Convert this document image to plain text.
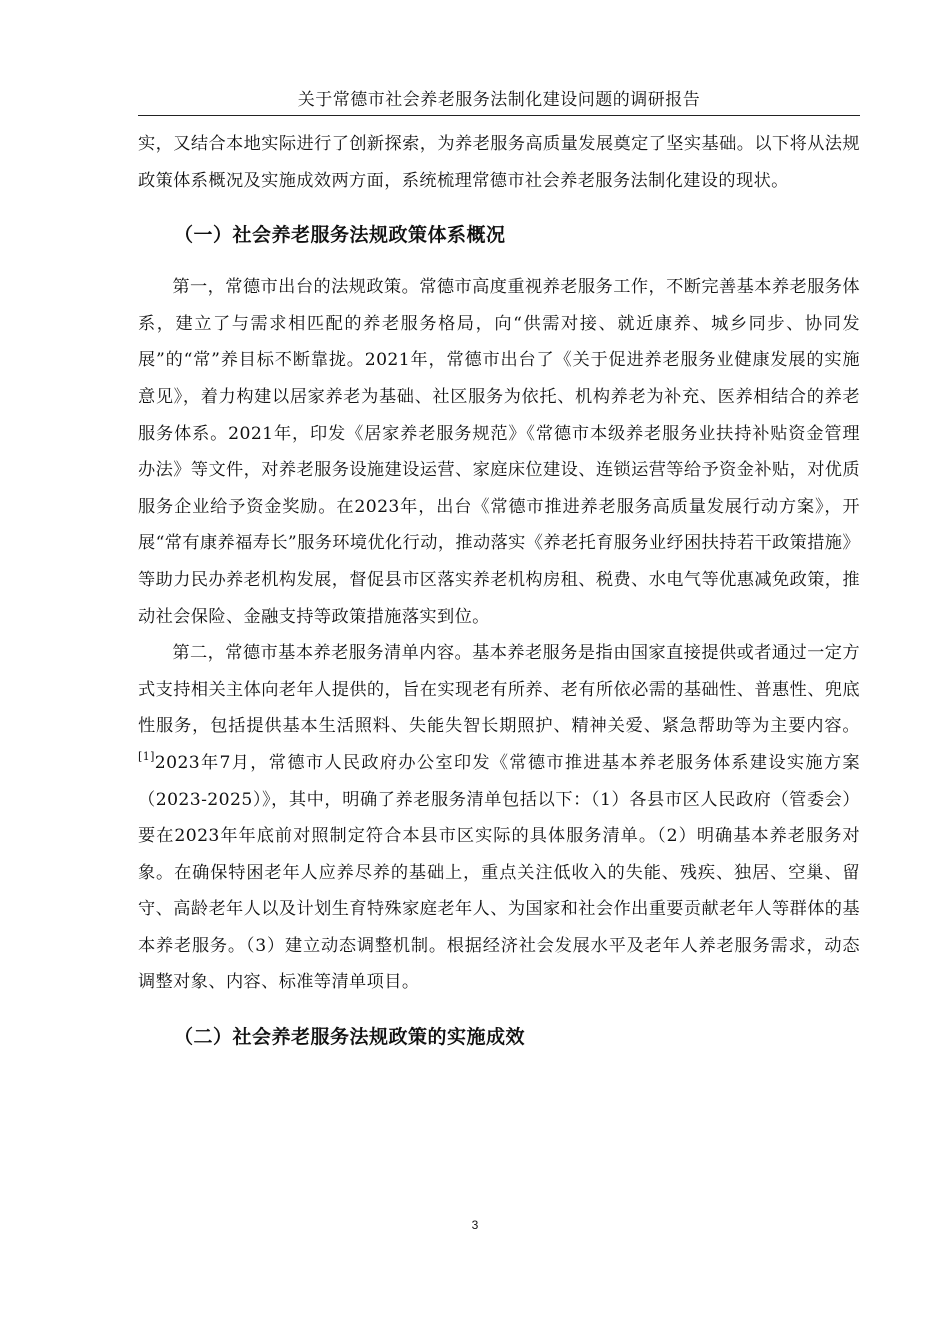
关于常德市社会养老服务法制化建设问题的调研报告

实，又结合本地实际进行了创新探索，为养老服务高质量发展奠定了坚实基础。以下将从法规政策体系概况及实施成效两方面，系统梳理常德市社会养老服务法制化建设的现状。

（一）社会养老服务法规政策体系概况

第一，常德市出台的法规政策。常德市高度重视养老服务工作，不断完善基本养老服务体系，建立了与需求相匹配的养老服务格局，向“供需对接、就近康养、城乡同步、协同发展”的“常”养目标不断靠拢。2021年，常德市出台了《关于促进养老服务业健康发展的实施意见》，着力构建以居家养老为基础、社区服务为依托、机构养老为补充、医养相结合的养老服务体系。2021年，印发《居家养老服务规范》《常德市本级养老服务业扶持补贴资金管理办法》等文件，对养老服务设施建设运营、家庭床位建设、连锁运营等给予资金补贴，对优质服务企业给予资金奖励。在2023年，出台《常德市推进养老服务高质量发展行动方案》，开展“常有康养福寿长”服务环境优化行动，推动落实《养老托育服务业纾困扶持若干政策措施》等助力民办养老机构发展，督促县市区落实养老机构房租、税费、水电气等优惠减免政策，推动社会保险、金融支持等政策措施落实到位。

第二，常德市基本养老服务清单内容。基本养老服务是指由国家直接提供或者通过一定方式支持相关主体向老年人提供的，旨在实现老有所养、老有所依必需的基础性、普惠性、兜底性服务，包括提供基本生活照料、失能失智长期照护、精神关爱、紧急帮助等为主要内容。[1]2023年7月，常德市人民政府办公室印发《常德市推进基本养老服务体系建设实施方案（2023-2025）》，其中，明确了养老服务清单包括以下：（1）各县市区人民政府（管委会）要在2023年年底前对照制定符合本县市区实际的具体服务清单。（2）明确基本养老服务对象。在确保特困老年人应养尽养的基础上，重点关注低收入的失能、残疾、独居、空巢、留守、高龄老年人以及计划生育特殊家庭老年人、为国家和社会作出重要贡献老年人等群体的基本养老服务。（3）建立动态调整机制。根据经济社会发展水平及老年人养老服务需求，动态调整对象、内容、标准等清单项目。

（二）社会养老服务法规政策的实施成效
3
